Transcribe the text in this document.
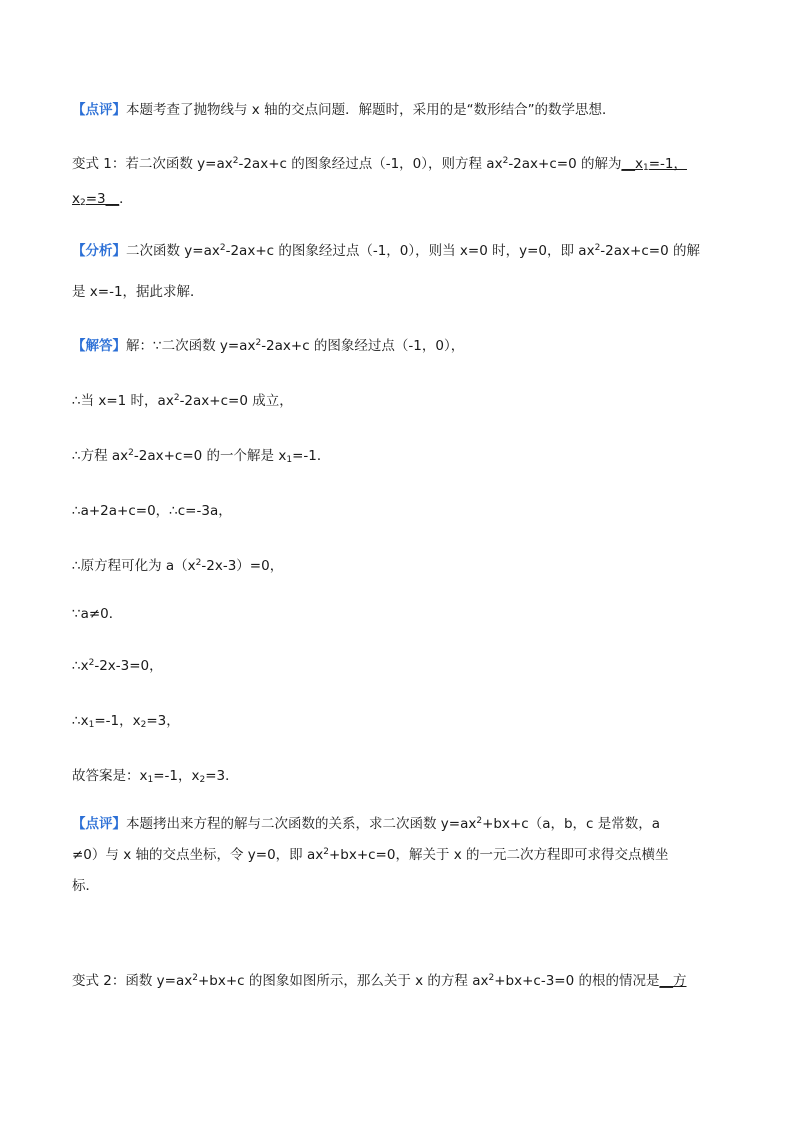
【点评】本题考查了抛物线与 x 轴的交点问题．解题时，采用的是“数形结合”的数学思想．
变式 1：若二次函数 $y=ax^2-2ax+c$ 的图象经过点（-1，0），则方程 $ax^2-2ax+c=0$ 的解为$\_\_x_1=-1$，
$x_2=3\_\_$．
【分析】二次函数 $y=ax^2-2ax+c$ 的图象经过点（-1，0），则当 x=0 时，y=0，即 $ax^2-2ax+c=0$ 的解
是 x=-1，据此求解．
【解答】解：∵二次函数 $y=ax^2-2ax+c$ 的图象经过点（-1，0），
∴当 x=1 时，$ax^2-2ax+c=0$ 成立，
∴方程 $ax^2-2ax+c=0$ 的一个解是 $x_1=-1$．
∴a+2a+c=0，∴c=-3a，
∴原方程可化为 $a(x^2-2x-3)=0$，
∵a≠0．
$\therefore x^2-2x-3=0$，
$\therefore x_1=-1$，$x_2=3$，
故答案是：$x_1=-1$，$x_2=3$．
【点评】本题拷出来方程的解与二次函数的关系，求二次函数 $y=ax^2+bx+c(a$，b，c 是常数，a
≠0）与 x 轴的交点坐标，令 y=0，即 $ax^2+bx+c=0$，解关于 x 的一元二次方程即可求得交点横坐
标．
变式 2：函数 $y=ax^2+bx+c$ 的图象如图所示，那么关于 x 的方程 $ax^2+bx+c-3=0$ 的根的情况是__方
